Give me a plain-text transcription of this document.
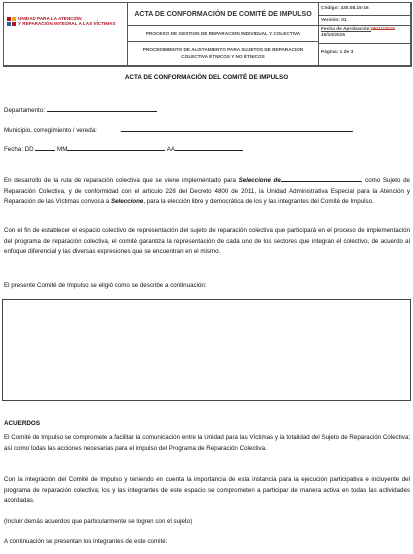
UNIDAD PARA LA ATENCIÓN
Y REPARACIÓN INTEGRAL A LAS VÍCTIMAS
ACTA DE CONFORMACIÓN DE COMITÉ DE IMPULSO
PROCESO DE GESTION DE REPARACION INDIVIDUAL Y COLECTIVA
PROCEDIMIENTO DE ALISTAMIENTO PARA SUJETOS DE REPARACION COLECTIVA ÉTNICOS Y NO ÉTNICOS
Código: 430.08.15-16
Versión: 01
Fecha de Aprobación:05/11/2015
16/10/2015
Página: 1 de 3
ACTA DE CONFORMACIÓN DEL COMITÉ DE IMPULSO
Departamento:
Municipio, corregimiento / vereda:
Fecha: DD	MM	AA
En desarrollo de la ruta de reparación colectiva que se viene implementado para Seleccione de	, como Sujeto de Reparación Colectiva, y de conformidad con el artículo 228 del Decreto 4800 de 2011, la Unidad Administrativa Especial para la Atención y Reparación de las Víctimas convoca a Seleccione, para la elección libre y democrática de los y las integrantes del Comité de Impulso.
Con el fin de establecer el espacio colectivo de representación del sujeto de reparación colectiva que participará en el proceso de implementación del programa de reparación colectiva, el comité garantiza la representación de cada uno de los sectores que integran el colectivo, de acuerdo al enfoque diferencial y las diversas expresiones que se encuentran en el mismo.
El presente Comité de Impulso se eligió como se describe a continuación:
ACUERDOS
El Comité de Impulso se compromete a facilitar la comunicación entre la Unidad para las Víctimas y la totalidad del Sujeto de Reparación Colectiva; así como todas las acciones necesarias para el impulso del Programa de Reparación Colectiva.
Con la integración del Comité de Impulso y teniendo en cuenta la importancia de esta instancia para la ejecución participativa e incluyente del programa de reparación colectiva; los y las integrantes de este espacio se comprometen a participar de manera activa en todas las actividades acordadas.
(Incluir demás acuerdos que particularmente se logren con el sujeto)
A continuación se presentan los integrantes de este comité:
